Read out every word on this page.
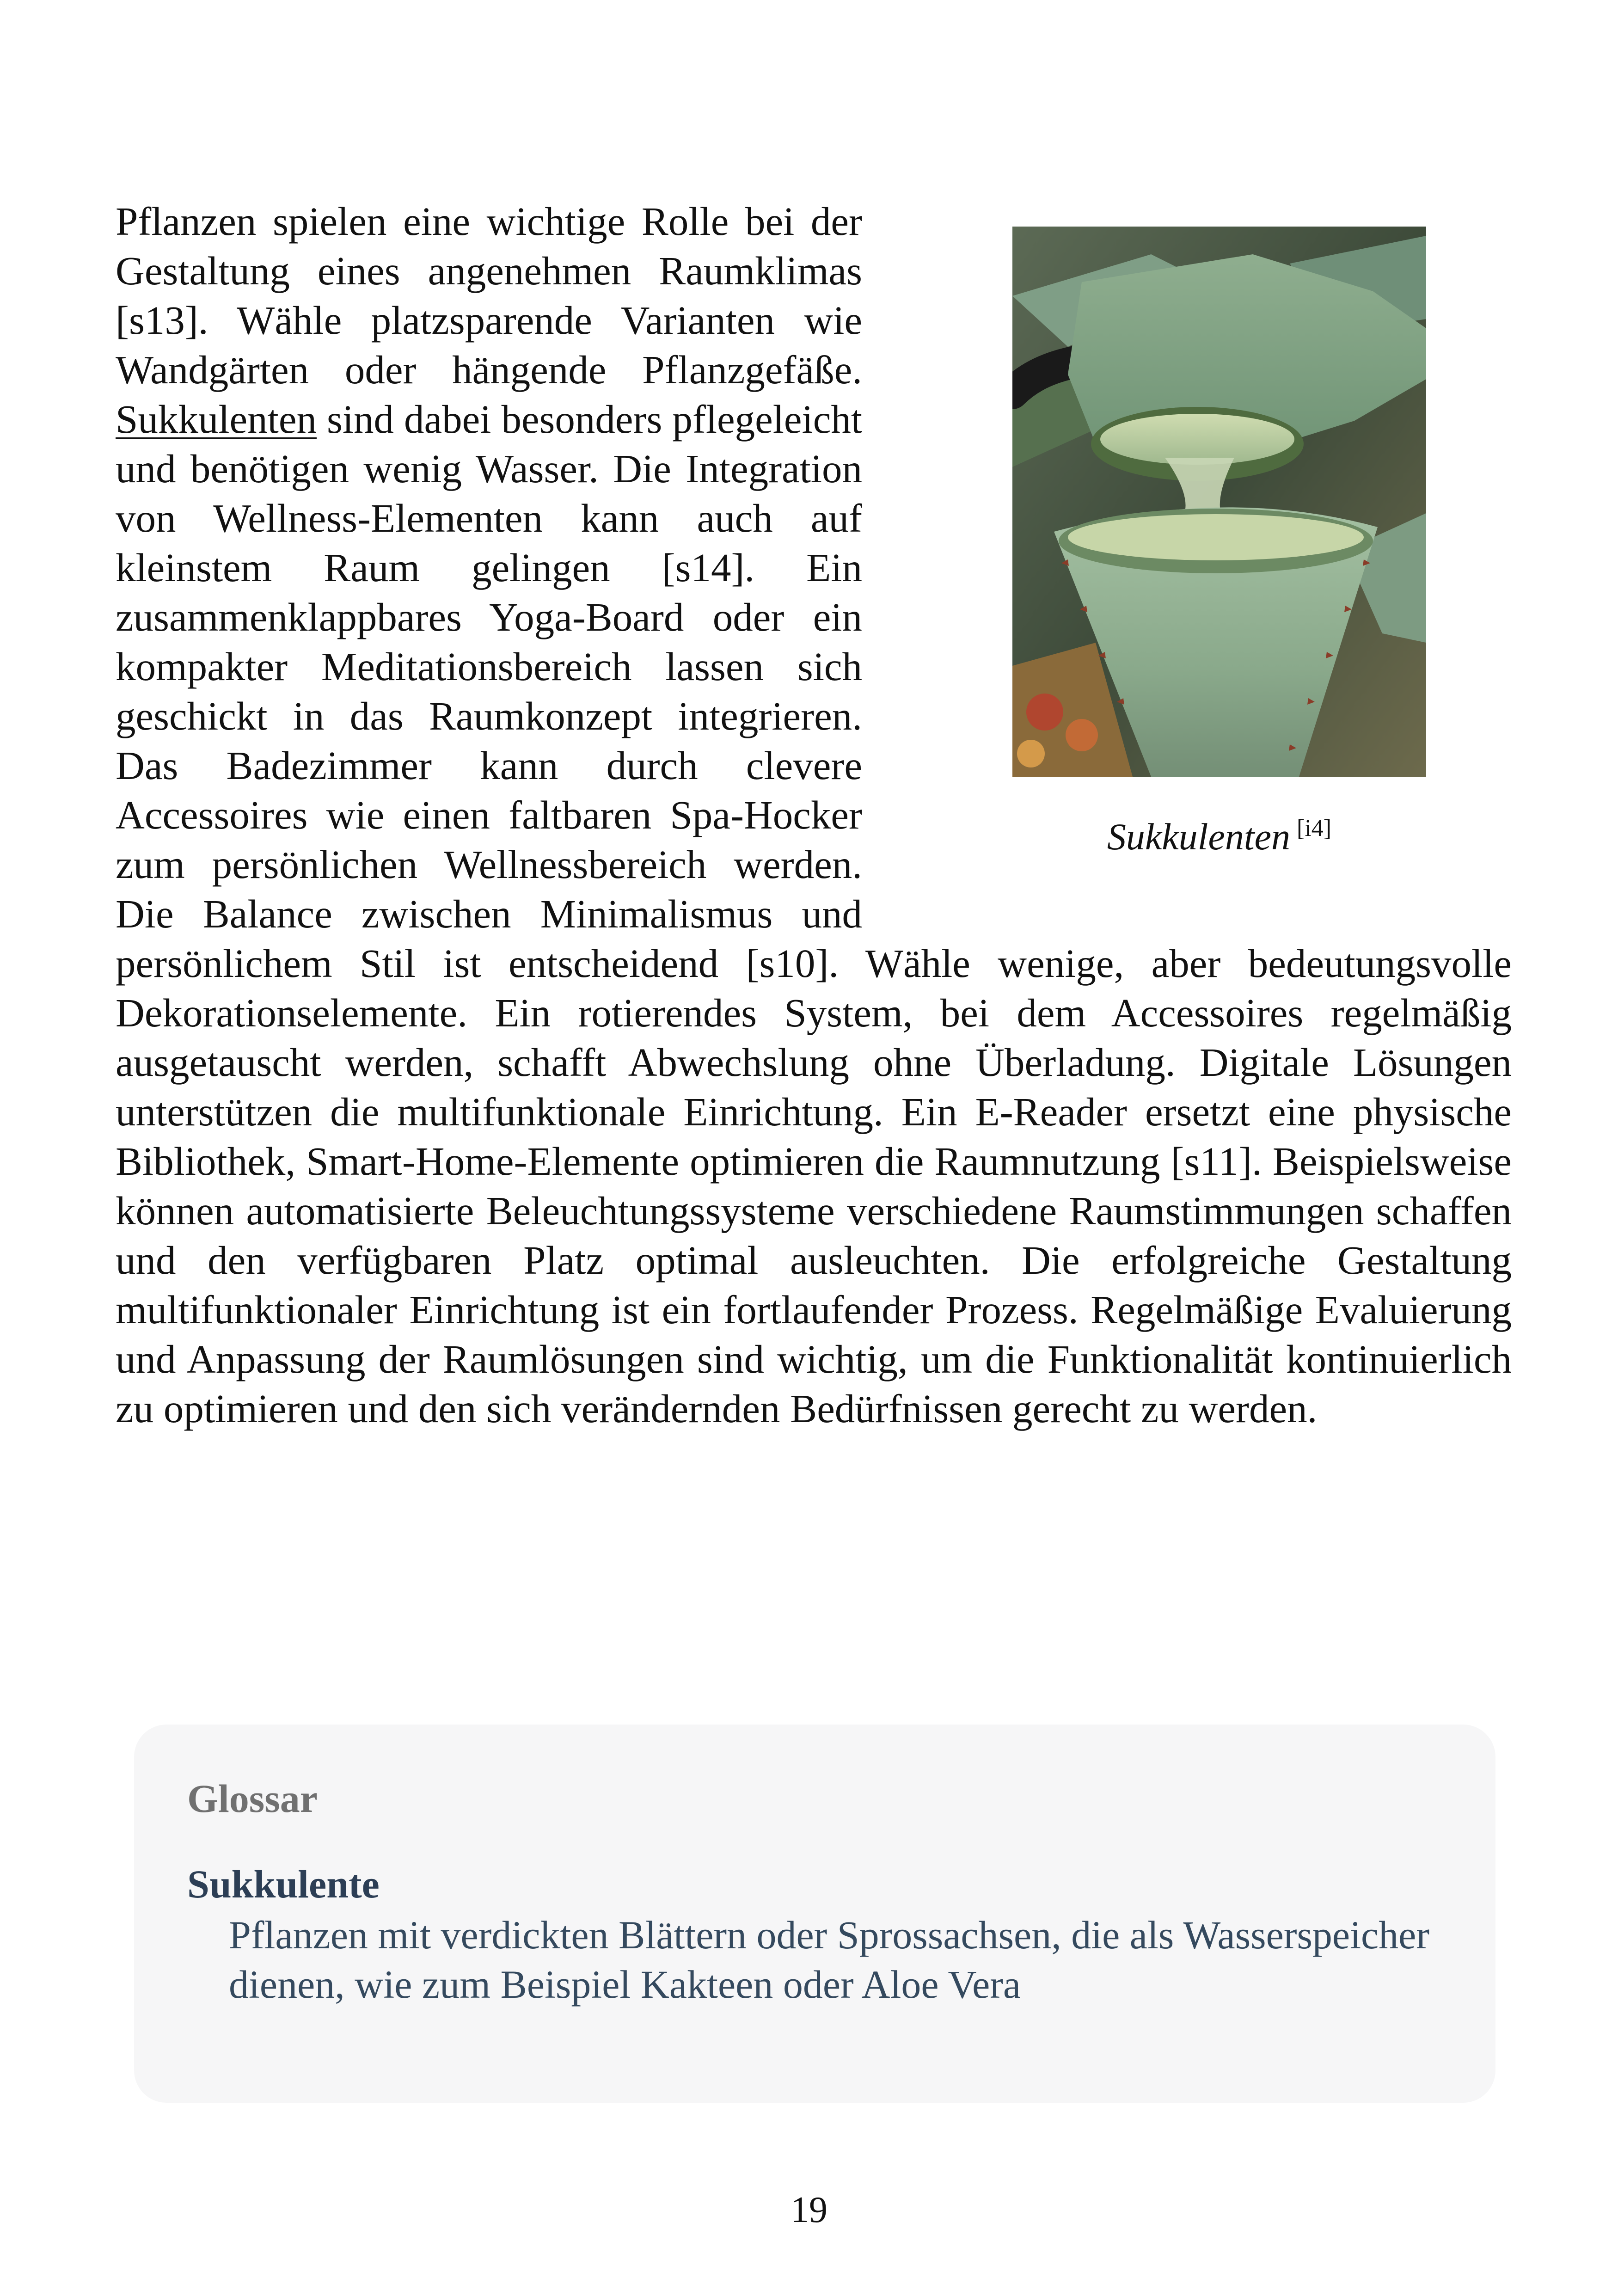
Sukkulenten [i4]

Pflanzen spielen eine wichtige Rolle bei der Gestaltung eines angenehmen Raumklimas [s13]. Wähle platzsparende Varianten wie Wandgärten oder hängende Pflanzgefäße. Sukkulenten sind dabei besonders pflegeleicht und benötigen wenig Wasser. Die Integration von Wellness-Elementen kann auch auf kleinstem Raum gelingen [s14]. Ein zusammenklappbares Yoga-Board oder ein kompakter Meditationsbereich lassen sich geschickt in das Raumkonzept integrieren. Das Badezimmer kann durch clevere Accessoires wie einen faltbaren Spa-Hocker zum persönlichen Wellnessbereich werden. Die Balance zwischen Minimalismus und persönlichem Stil ist entscheidend [s10]. Wähle wenige, aber bedeutungsvolle Dekorationselemente. Ein rotierendes System, bei dem Accessoires regelmäßig ausgetauscht werden, schafft Abwechslung ohne Überladung. Digitale Lösungen unterstützen die multifunktionale Einrichtung. Ein E-Reader ersetzt eine physische Bibliothek, Smart-Home-Elemente optimieren die Raumnutzung [s11]. Beispielsweise können automatisierte Beleuchtungssysteme verschiedene Raumstimmungen schaffen und den verfügbaren Platz optimal ausleuchten. Die erfolgreiche Gestaltung multifunktionaler Einrichtung ist ein fortlaufender Prozess. Regelmäßige Evaluierung und Anpassung der Raumlösungen sind wichtig, um die Funktionalität kontinuierlich zu optimieren und den sich verändernden Bedürfnissen gerecht zu werden.

Glossar
Sukkulente
Pflanzen mit verdickten Blättern oder Sprossachsen, die als Wasserspeicher dienen, wie zum Beispiel Kakteen oder Aloe Vera
19
